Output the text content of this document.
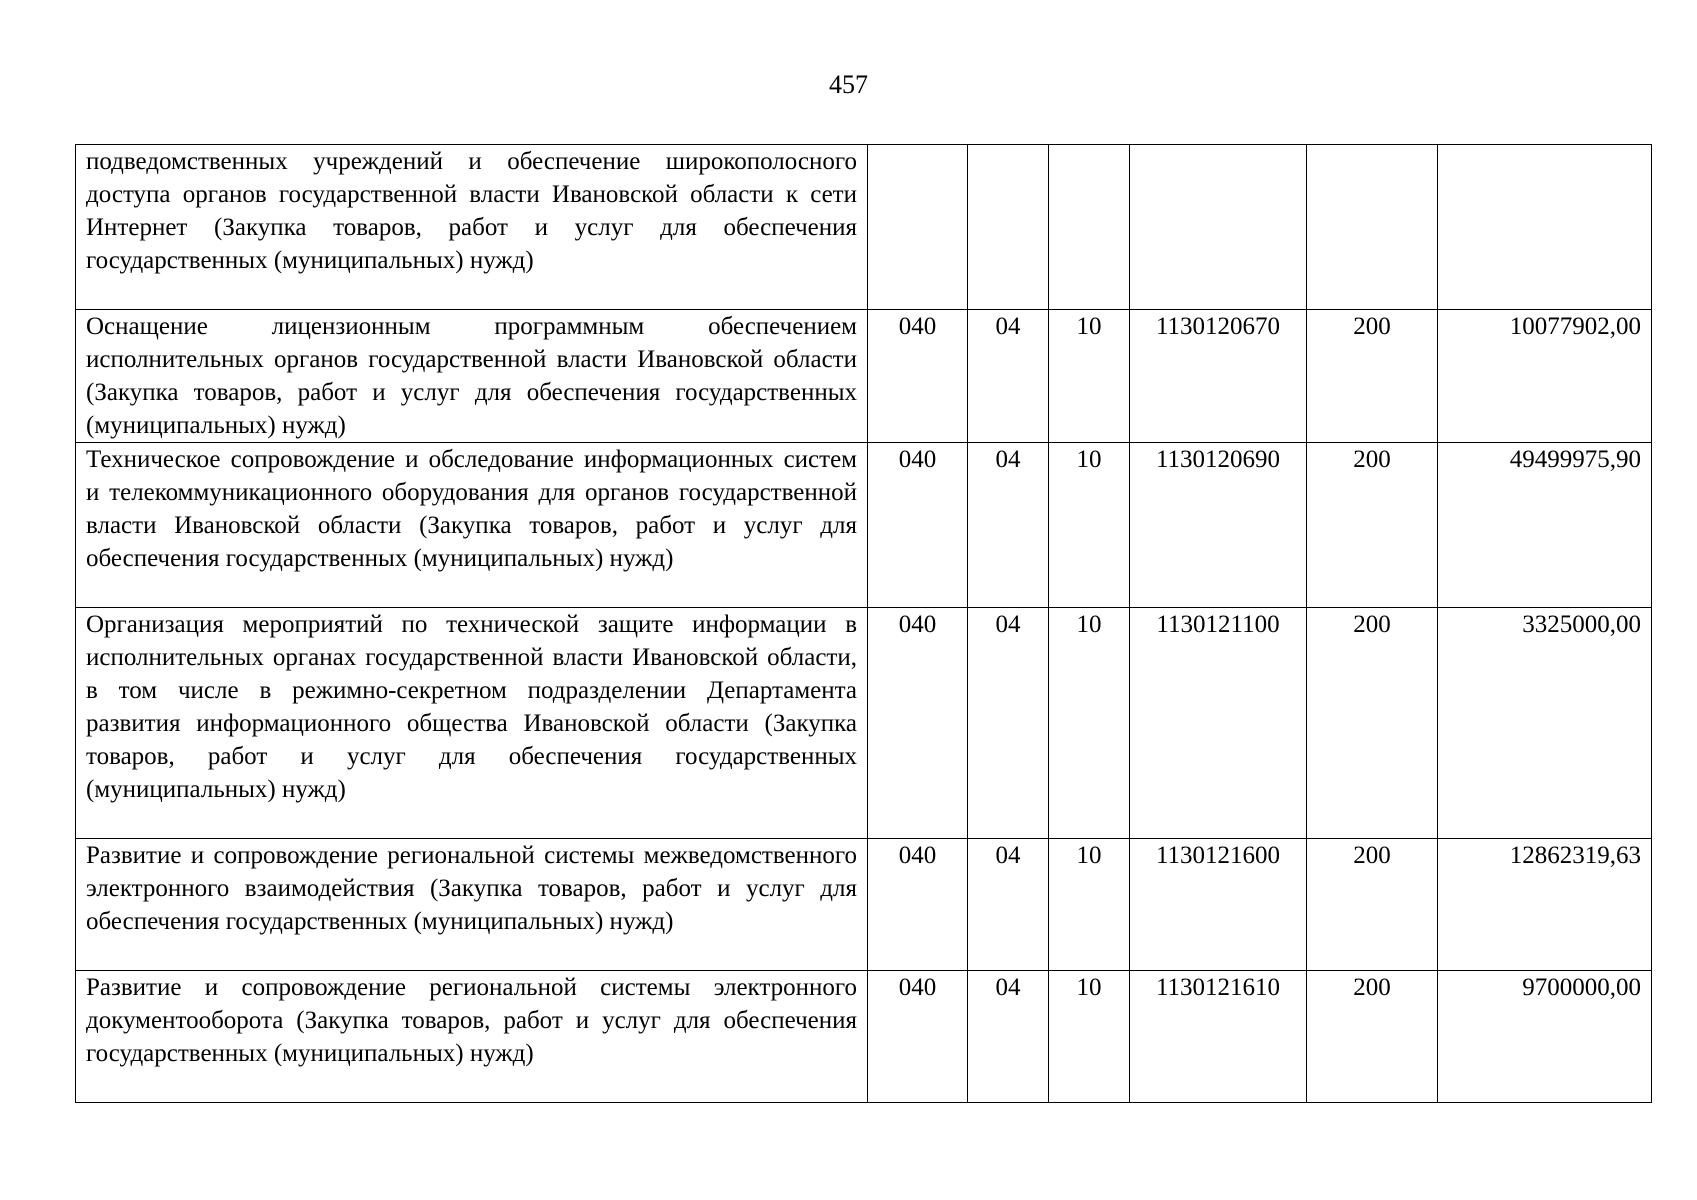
457
подведомственных учреждений и обеспечение широкополосного доступа органов государственной власти Ивановской области к сети Интернет (Закупка товаров, работ и услуг для обеспечения государственных (муниципальных) нужд)						
Оснащение лицензионным программным обеспечением исполнительных органов государственной власти Ивановской области (Закупка товаров, работ и услуг для обеспечения государственных (муниципальных) нужд)	040	04	10	1130120670	200	10077902,00
Техническое сопровождение и обследование информационных систем и телекоммуникационного оборудования для органов государственной власти Ивановской области (Закупка товаров, работ и услуг для обеспечения государственных (муниципальных) нужд)	040	04	10	1130120690	200	49499975,90
Организация мероприятий по технической защите информации в исполнительных органах государственной власти Ивановской области, в том числе в режимно-секретном подразделении Департамента развития информационного общества Ивановской области (Закупка товаров, работ и услуг для обеспечения государственных (муниципальных) нужд)	040	04	10	1130121100	200	3325000,00
Развитие и сопровождение региональной системы межведомственного электронного взаимодействия (Закупка товаров, работ и услуг для обеспечения государственных (муниципальных) нужд)	040	04	10	1130121600	200	12862319,63
Развитие и сопровождение региональной системы электронного документооборота (Закупка товаров, работ и услуг для обеспечения государственных (муниципальных) нужд)	040	04	10	1130121610	200	9700000,00
